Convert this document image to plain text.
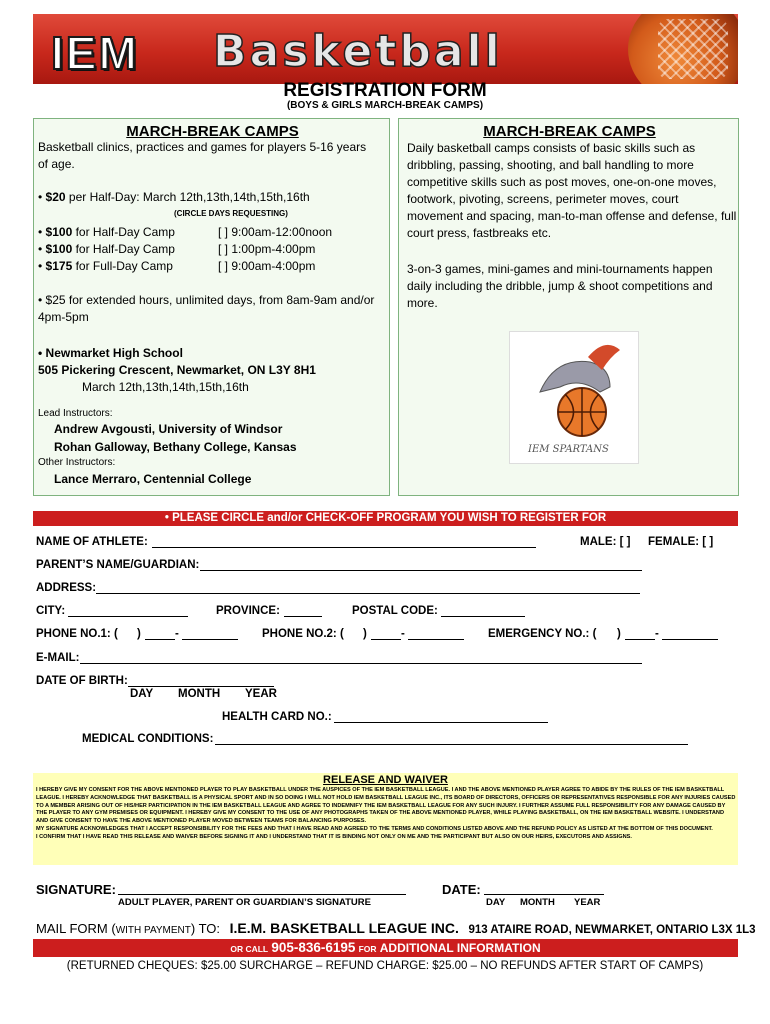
IEM Basketball
REGISTRATION FORM
(BOYS & GIRLS MARCH-BREAK CAMPS)
MARCH-BREAK CAMPS
Basketball clinics, practices and games for players 5-16 years of age.
• $20 per Half-Day: March 12th,13th,14th,15th,16th
(CIRCLE DAYS REQUESTING)
• $100 for Half-Day Camp	[ ] 9:00am-12:00noon
• $100 for Half-Day Camp	[ ] 1:00pm-4:00pm
• $175 for Full-Day Camp	[ ] 9:00am-4:00pm
• $25 for extended hours, unlimited days, from 8am-9am and/or 4pm-5pm
• Newmarket High School
505 Pickering Crescent, Newmarket, ON L3Y 8H1
March 12th,13th,14th,15th,16th
Lead Instructors:
Andrew Avgousti, University of Windsor
Rohan Galloway, Bethany College, Kansas
Other Instructors:
Lance Merraro, Centennial College
MARCH-BREAK CAMPS
Daily basketball camps consists of basic skills such as dribbling, passing, shooting, and ball handling to more competitive skills such as post moves, one-on-one moves, footwork, pivoting, screens, perimeter moves, court movement and spacing, man-to-man offense and defense, full court press, fastbreaks etc.
3-on-3 games, mini-games and mini-tournaments happen daily including the dribble, jump & shoot competitions and more.
IEM SPARTANS
• PLEASE CIRCLE and/or CHECK-OFF PROGRAM YOU WISH TO REGISTER FOR
NAME OF ATHLETE:	MALE: [ ] FEMALE: [ ]
PARENT’S NAME/GUARDIAN:
ADDRESS:
CITY:	PROVINCE:	POSTAL CODE:
PHONE NO.1: ( )	-	PHONE NO.2: ( )	-	EMERGENCY NO.: ( )	-
E-MAIL:
DATE OF BIRTH:
DAY MONTH YEAR
HEALTH CARD NO.:
MEDICAL CONDITIONS:
RELEASE AND WAIVER

I HEREBY GIVE MY CONSENT FOR THE ABOVE MENTIONED PLAYER TO PLAY BASKETBALL UNDER THE AUSPICES OF THE IEM BASKETBALL LEAGUE. I AND THE ABOVE MENTIONED PLAYER AGREE TO ABIDE BY THE RULES OF THE IEM BASKETBALL LEAGUE. I HEREBY ACKNOWLEDGE THAT BASKETBALL IS A PHYSICAL SPORT AND IN SO DOING I WILL NOT HOLD IEM BASKETBALL LEAGUE INC., ITS BOARD OF DIRECTORS, OFFICERS OR REPRESENTATIVES RESPONSIBLE FOR ANY INJURIES CAUSED TO A MEMBER ARISING OUT OF HIS/HER PARTICIPATION IN THE IEM BASKETBALL LEAGUE AND AGREE TO INDEMNIFY THE IEM BASKETBALL LEAGUE FOR ANY SUCH INJURY. I FURTHER ASSUME FULL RESPONSIBILITY FOR ANY DAMAGE CAUSED BY THE PLAYER TO ANY GYM PREMISES OR EQUIPMENT. I HEREBY GIVE MY CONSENT TO THE USE OF ANY PHOTOGRAPHS TAKEN OF THE ABOVE MENTIONED PLAYER, WHILE PLAYING BASKETBALL, ON THE IEM BASKETBALL WEBSITE. I UNDERSTAND AND GIVE CONSENT TO HAVE THE ABOVE MENTIONED PLAYER MOVED BETWEEN TEAMS FOR BALANCING PURPOSES.

MY SIGNATURE ACKNOWLEDGES THAT I ACCEPT RESPONSIBILITY FOR THE FEES AND THAT I HAVE READ AND AGREED TO THE TERMS AND CONDITIONS LISTED ABOVE AND THE REFUND POLICY AS LISTED AT THE BOTTOM OF THIS DOCUMENT.

I CONFIRM THAT I HAVE READ THIS RELEASE AND WAIVER BEFORE SIGNING IT AND I UNDERSTAND THAT IT IS BINDING NOT ONLY ON ME AND THE PARTICIPANT BUT ALSO ON OUR HEIRS, EXECUTORS AND ASSIGNS.

SIGNATURE:
ADULT PLAYER, PARENT OR GUARDIAN’S SIGNATURE
DATE:
DAY MONTH YEAR
MAIL FORM (WITH PAYMENT) TO: I.E.M. BASKETBALL LEAGUE INC. 913 ATAIRE ROAD, NEWMARKET, ONTARIO L3X 1L3
OR CALL 905-836-6195 FOR ADDITIONAL INFORMATION
(RETURNED CHEQUES: $25.00 SURCHARGE – REFUND CHARGE: $25.00 – NO REFUNDS AFTER START OF CAMPS)
